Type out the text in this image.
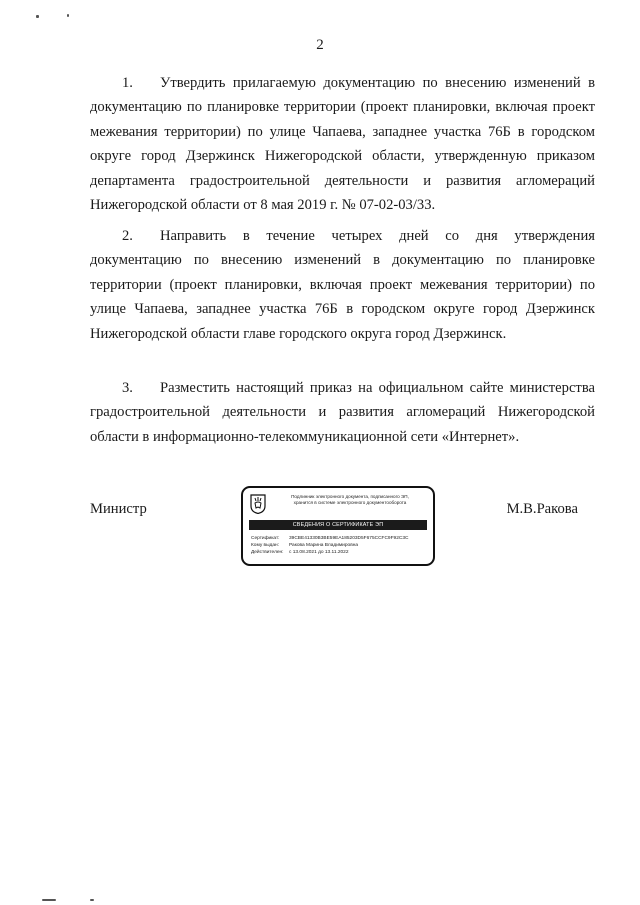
2

1. Утвердить прилагаемую документацию по внесению изменений в документацию по планировке территории (проект планировки, включая проект межевания территории) по улице Чапаева, западнее участка 76Б в городском округе город Дзержинск Нижегородской области, утвержденную приказом департамента градостроительной деятельности и развития агломераций Нижегородской области от 8 мая 2019 г. № 07-02-03/33.

2. Направить в течение четырех дней со дня утверждения документацию по внесению изменений в документацию по планировке территории (проект планировки, включая проект межевания территории) по улице Чапаева, западнее участка 76Б в городском округе город Дзержинск Нижегородской области главе городского округа город Дзержинск.

3. Разместить настоящий приказ на официальном сайте министерства градостроительной деятельности и развития агломераций Нижегородской области в информационно-телекоммуникационной сети «Интернет».

Министр	М.В.Ракова
Подлинник электронного документа, подписанного ЭП,
хранится в системе электронного документооборота
СВЕДЕНИЯ О СЕРТИФИКАТЕ ЭП
Сертификат: 39CBE41330B3BE59EA185203D5F675CCFC9F92C3C
Кому выдан: Ракова Марина Владимировна
Действителен: с 13.08.2021 до 13.11.2022
